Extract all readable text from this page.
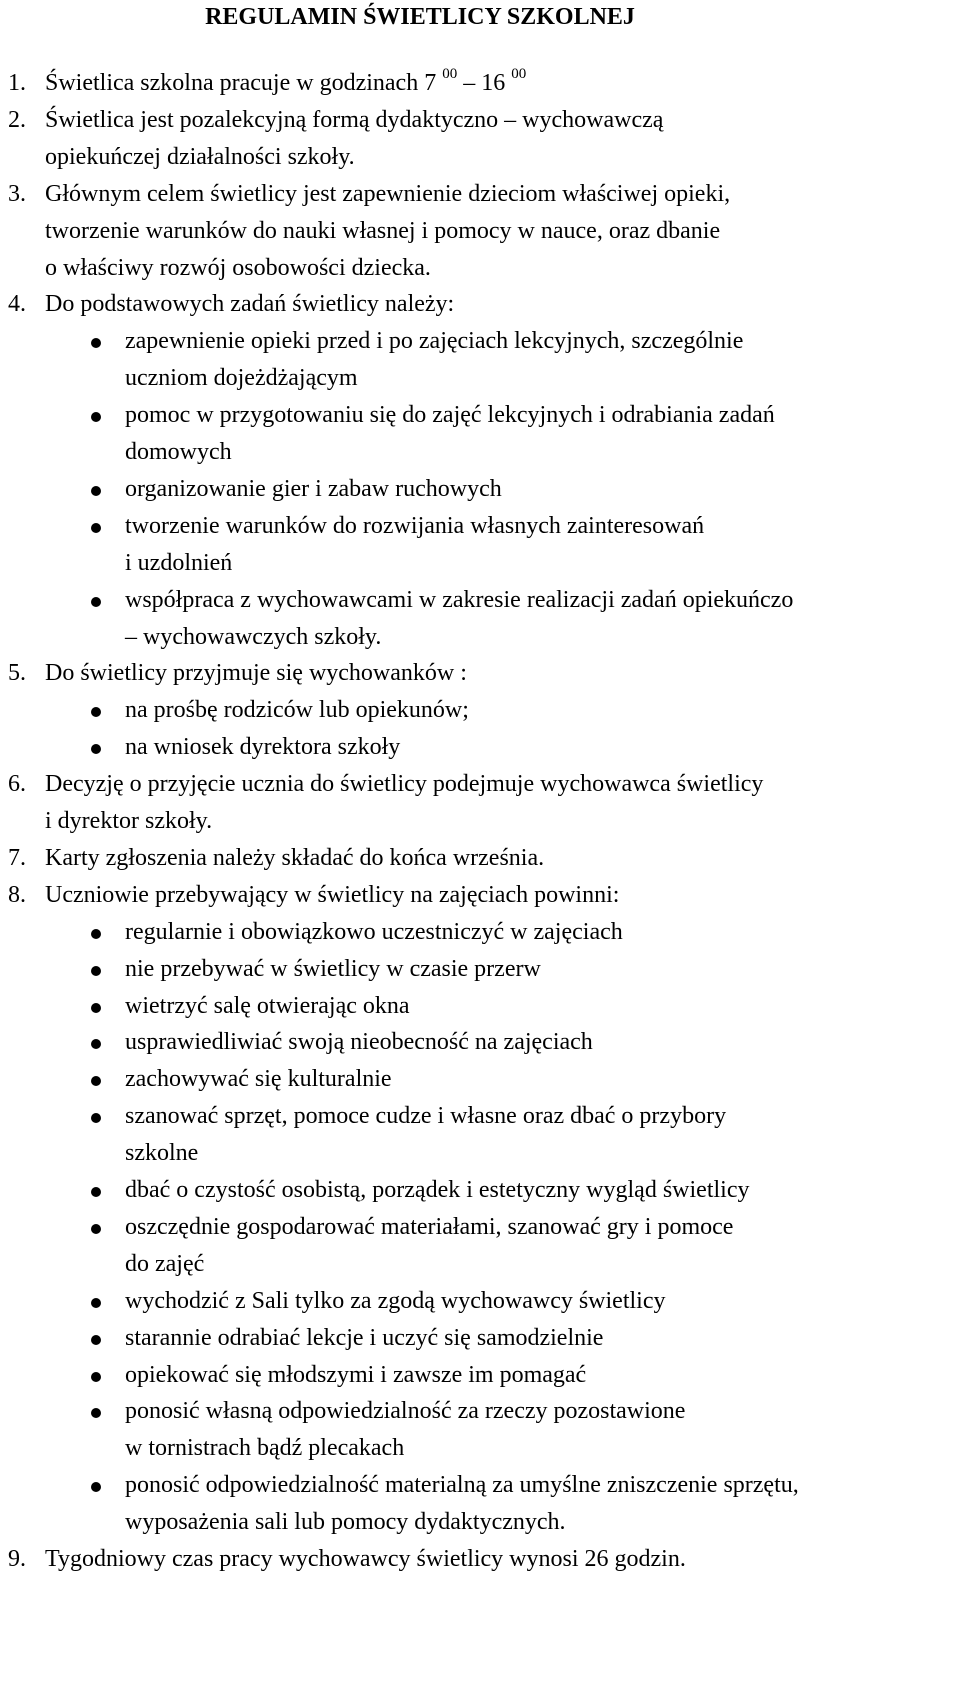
REGULAMIN ŚWIETLICY SZKOLNEJ

1. Świetlica szkolna pracuje w godzinach 7 $^{00}$ – 16 $^{00}$

2. Świetlica jest pozalekcyjną formą dydaktyczno – wychowawczą

opiekuńczej działalności szkoły.

3. Głównym celem świetlicy jest zapewnienie dzieciom właściwej opieki,

tworzenie warunków do nauki własnej i pomocy w nauce, oraz dbanie

o właściwy rozwój osobowości dziecka.

4. Do podstawowych zadań świetlicy należy:

zapewnienie opieki przed i po zajęciach lekcyjnych, szczególnie

uczniom dojeżdżającym

pomoc w przygotowaniu się do zajęć lekcyjnych i odrabiania zadań

domowych

organizowanie gier i zabaw ruchowych

tworzenie warunków do rozwijania własnych zainteresowań

i uzdolnień

współpraca z wychowawcami w zakresie realizacji zadań opiekuńczo

– wychowawczych szkoły.

5. Do świetlicy przyjmuje się wychowanków :

na prośbę rodziców lub opiekunów;

na wniosek dyrektora szkoły

6. Decyzję o przyjęcie ucznia do świetlicy podejmuje wychowawca świetlicy

i dyrektor szkoły.

7. Karty zgłoszenia należy składać do końca września.

8. Uczniowie przebywający w świetlicy na zajęciach powinni:

regularnie i obowiązkowo uczestniczyć w zajęciach

nie przebywać w świetlicy w czasie przerw

wietrzyć salę otwierając okna

usprawiedliwiać swoją nieobecność na zajęciach

zachowywać się kulturalnie

szanować sprzęt, pomoce cudze i własne oraz dbać o przybory

szkolne

dbać o czystość osobistą, porządek i estetyczny wygląd świetlicy

oszczędnie gospodarować materiałami, szanować gry i pomoce

do zajęć

wychodzić z Sali tylko za zgodą wychowawcy świetlicy

starannie odrabiać lekcje i uczyć się samodzielnie

opiekować się młodszymi i zawsze im pomagać

ponosić własną odpowiedzialność za rzeczy pozostawione

w tornistrach bądź plecakach

ponosić odpowiedzialność materialną za umyślne zniszczenie sprzętu,

wyposażenia sali lub pomocy dydaktycznych.

9. Tygodniowy czas pracy wychowawcy świetlicy wynosi 26 godzin.
